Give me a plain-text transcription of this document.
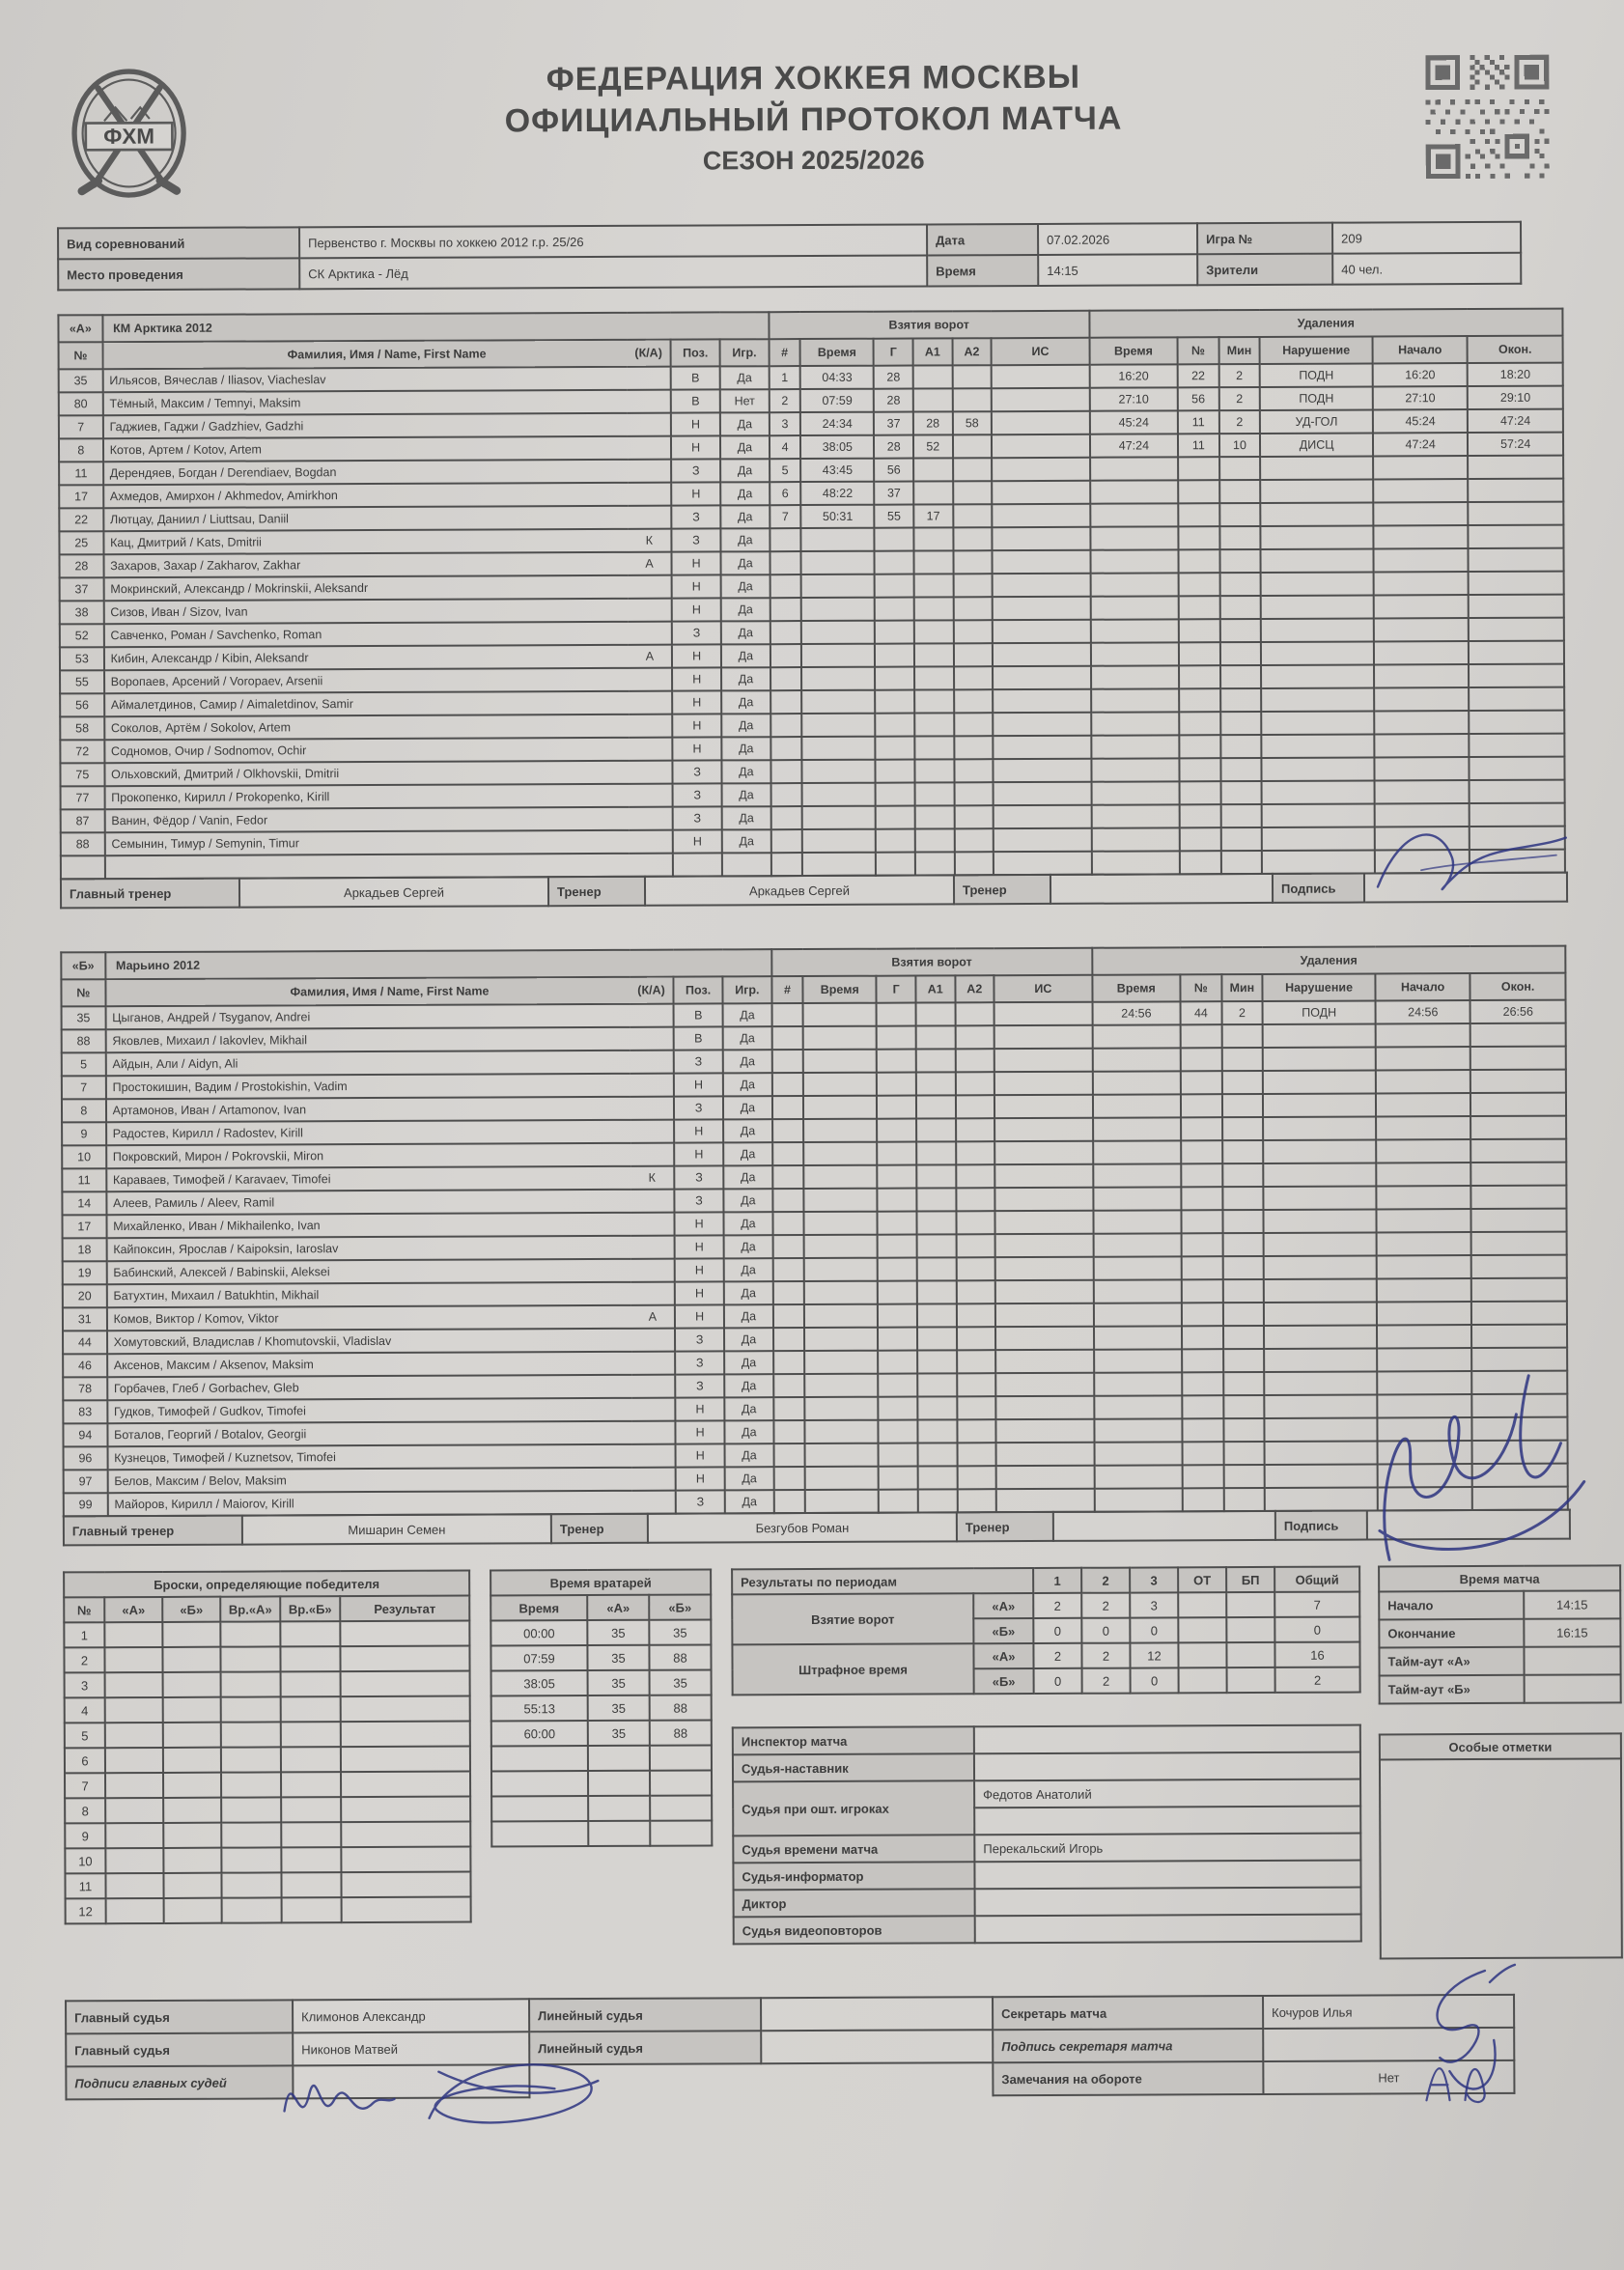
ФХМ
ФЕДЕРАЦИЯ ХОККЕЯ МОСКВЫ
ОФИЦИАЛЬНЫЙ ПРОТОКОЛ МАТЧА
СЕЗОН 2025/2026
Вид соревнований	Первенство г. Москвы по хоккею 2012 г.р. 25/26	Дата	07.02.2026	Игра №	209
Место проведения	СК Арктика - Лёд	Время	14:15	Зрители	40 чел.
«А»	КМ Арктика 2012				Взятия ворот						Удаления					
№	Фамилия, Имя / Name, First Name (К/А)		Поз.	Игр.	#	Время	Г	А1	А2	ИС	Время	№	Мин	Нарушение	Начало	Окон.
35	Ильясов, Вячеслав / Iliasov, Viacheslav		В	Да	1	04:33	28				16:20	22	2	ПОДН	16:20	18:20
80	Тёмный, Максим / Temnyi, Maksim		В	Нет	2	07:59	28				27:10	56	2	ПОДН	27:10	29:10
7	Гаджиев, Гаджи / Gadzhiev, Gadzhi		Н	Да	3	24:34	37	28	58		45:24	11	2	УД-ГОЛ	45:24	47:24
8	Котов, Артем / Kotov, Artem		Н	Да	4	38:05	28	52			47:24	11	10	ДИСЦ	47:24	57:24
11	Дерендяев, Богдан / Derendiaev, Bogdan		З	Да	5	43:45	56									
17	Ахмедов, Амирхон / Akhmedov, Amirkhon		Н	Да	6	48:22	37									
22	Лютцау, Даниил / Liuttsau, Daniil		З	Да	7	50:31	55	17								
25	Кац, Дмитрий / Kats, Dmitrii	К	З	Да												
28	Захаров, Захар / Zakharov, Zakhar	А	Н	Да												
37	Мокринский, Александр / Mokrinskii, Aleksandr		Н	Да												
38	Сизов, Иван / Sizov, Ivan		Н	Да												
52	Савченко, Роман / Savchenko, Roman		З	Да												
53	Кибин, Александр / Kibin, Aleksandr	А	Н	Да												
55	Воропаев, Арсений / Voropaev, Arsenii		Н	Да												
56	Аймалетдинов, Самир / Aimaletdinov, Samir		Н	Да												
58	Соколов, Артём / Sokolov, Artem		Н	Да												
72	Содномов, Очир / Sodnomov, Ochir		Н	Да												
75	Ольховский, Дмитрий / Olkhovskii, Dmitrii		З	Да												
77	Прокопенко, Кирилл / Prokopenko, Kirill		З	Да												
87	Ванин, Фёдор / Vanin, Fedor		З	Да												
88	Семынин, Тимур / Semynin, Timur		Н	Да												

Главный тренер	Аркадьев Сергей	Тренер	Аркадьев Сергей	Тренер		Подпись	
«Б»	Марьино 2012				Взятия ворот						Удаления					
№	Фамилия, Имя / Name, First Name (К/А)		Поз.	Игр.	#	Время	Г	А1	А2	ИС	Время	№	Мин	Нарушение	Начало	Окон.
35	Цыганов, Андрей / Tsyganov, Andrei		В	Да							24:56	44	2	ПОДН	24:56	26:56
88	Яковлев, Михаил / Iakovlev, Mikhail		В	Да												
5	Айдын, Али / Aidyn, Ali		З	Да												
7	Простокишин, Вадим / Prostokishin, Vadim		Н	Да												
8	Артамонов, Иван / Artamonov, Ivan		З	Да												
9	Радостев, Кирилл / Radostev, Kirill		Н	Да												
10	Покровский, Мирон / Pokrovskii, Miron		Н	Да												
11	Караваев, Тимофей / Karavaev, Timofei	К	З	Да												
14	Алеев, Рамиль / Aleev, Ramil		З	Да												
17	Михайленко, Иван / Mikhailenko, Ivan		Н	Да												
18	Кайпоксин, Ярослав / Kaipoksin, Iaroslav		Н	Да												
19	Бабинский, Алексей / Babinskii, Aleksei		Н	Да												
20	Батухтин, Михаил / Batukhtin, Mikhail		Н	Да												
31	Комов, Виктор / Komov, Viktor	А	Н	Да												
44	Хомутовский, Владислав / Khomutovskii, Vladislav		З	Да												
46	Аксенов, Максим / Aksenov, Maksim		З	Да												
78	Горбачев, Глеб / Gorbachev, Gleb		З	Да												
83	Гудков, Тимофей / Gudkov, Timofei		Н	Да												
94	Боталов, Георгий / Botalov, Georgii		Н	Да												
96	Кузнецов, Тимофей / Kuznetsov, Timofei		Н	Да												
97	Белов, Максим / Belov, Maksim		Н	Да												
99	Майоров, Кирилл / Maiorov, Kirill		З	Да												
Главный тренер	Мишарин Семен	Тренер	Безгубов Роман	Тренер		Подпись	
Броски, определяющие победителя					
№	«А»	«Б»	Вр.«А»	Вр.«Б»	Результат
1					
2					
3					
4					
5					
6					
7					
8					
9					
10					
11					
12					
Время вратарей		
Время	«А»	«Б»
00:00	35	35
07:59	35	88
38:05	35	35
55:13	35	88
60:00	35	88

Результаты по периодам		1	2	3	ОТ	БП	Общий
Взятие ворот	«А»	2	2	3			7
	«Б»	0	0	0			0
Штрафное время	«А»	2	2	12			16
	«Б»	0	2	0			2
Инспектор матча	
Судья-наставник	
Судья при ошт. игроках	Федотов Анатолий

Судья времени матча	Перекальский Игорь
Судья-информатор	
Диктор	
Судья видеоповторов	
Время матча	
Начало	14:15
Окончание	16:15
Тайм-аут «А»	
Тайм-аут «Б»	
Особые отметки

Главный судья	Климонов Александр	Линейный судья		Секретарь матча	Кочуров Илья

Главный судья	Никонов Матвей	Линейный судья		Подпись секретаря матча	
Подписи главных судей				Замечания на обороте	Нет
